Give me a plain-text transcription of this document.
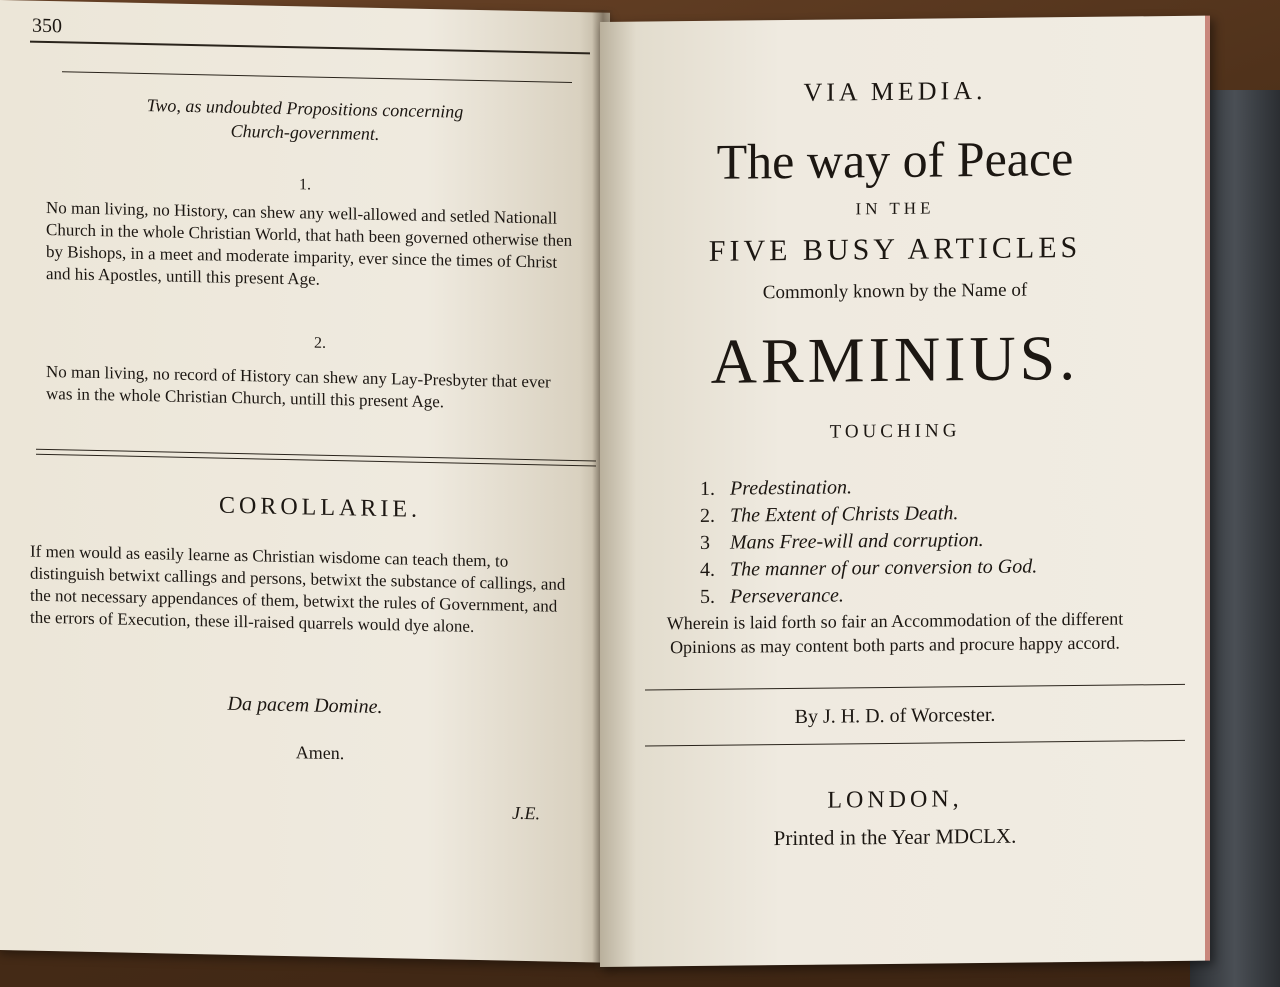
350
Two, as undoubted Propositions concerning
Church-government.
1.
No man living, no History, can shew any well-allowed and setled Nationall Church in the whole Christian World, that hath been governed otherwise then by Bishops, in a meet and moderate imparity, ever since the times of Christ and his Apostles, untill this present Age.
2.
No man living, no record of History can shew any Lay-Presbyter that ever was in the whole Christian Church, untill this present Age.
COROLLARIE.
If men would as easily learne as Christian wisdome can teach them, to distinguish betwixt callings and persons, betwixt the substance of callings, and the not necessary appendances of them, betwixt the rules of Government, and the errors of Execution, these ill-raised quarrels would dye alone.
Da pacem Domine.
Amen.
J.E.
VIA MEDIA.
The way of Peace
IN THE
FIVE BUSY ARTICLES
Commonly known by the Name of
ARMINIUS.
TOUCHING
1. Predestination.
2. The Extent of Christs Death.
3 Mans Free-will and corruption.
4. The manner of our conversion to God.
5. Perseverance.
Wherein is laid forth so fair an Accommodation of the different
Opinions as may content both parts and procure happy accord.
By J. H. D. of Worcester.
LONDON,
Printed in the Year MDCLX.
